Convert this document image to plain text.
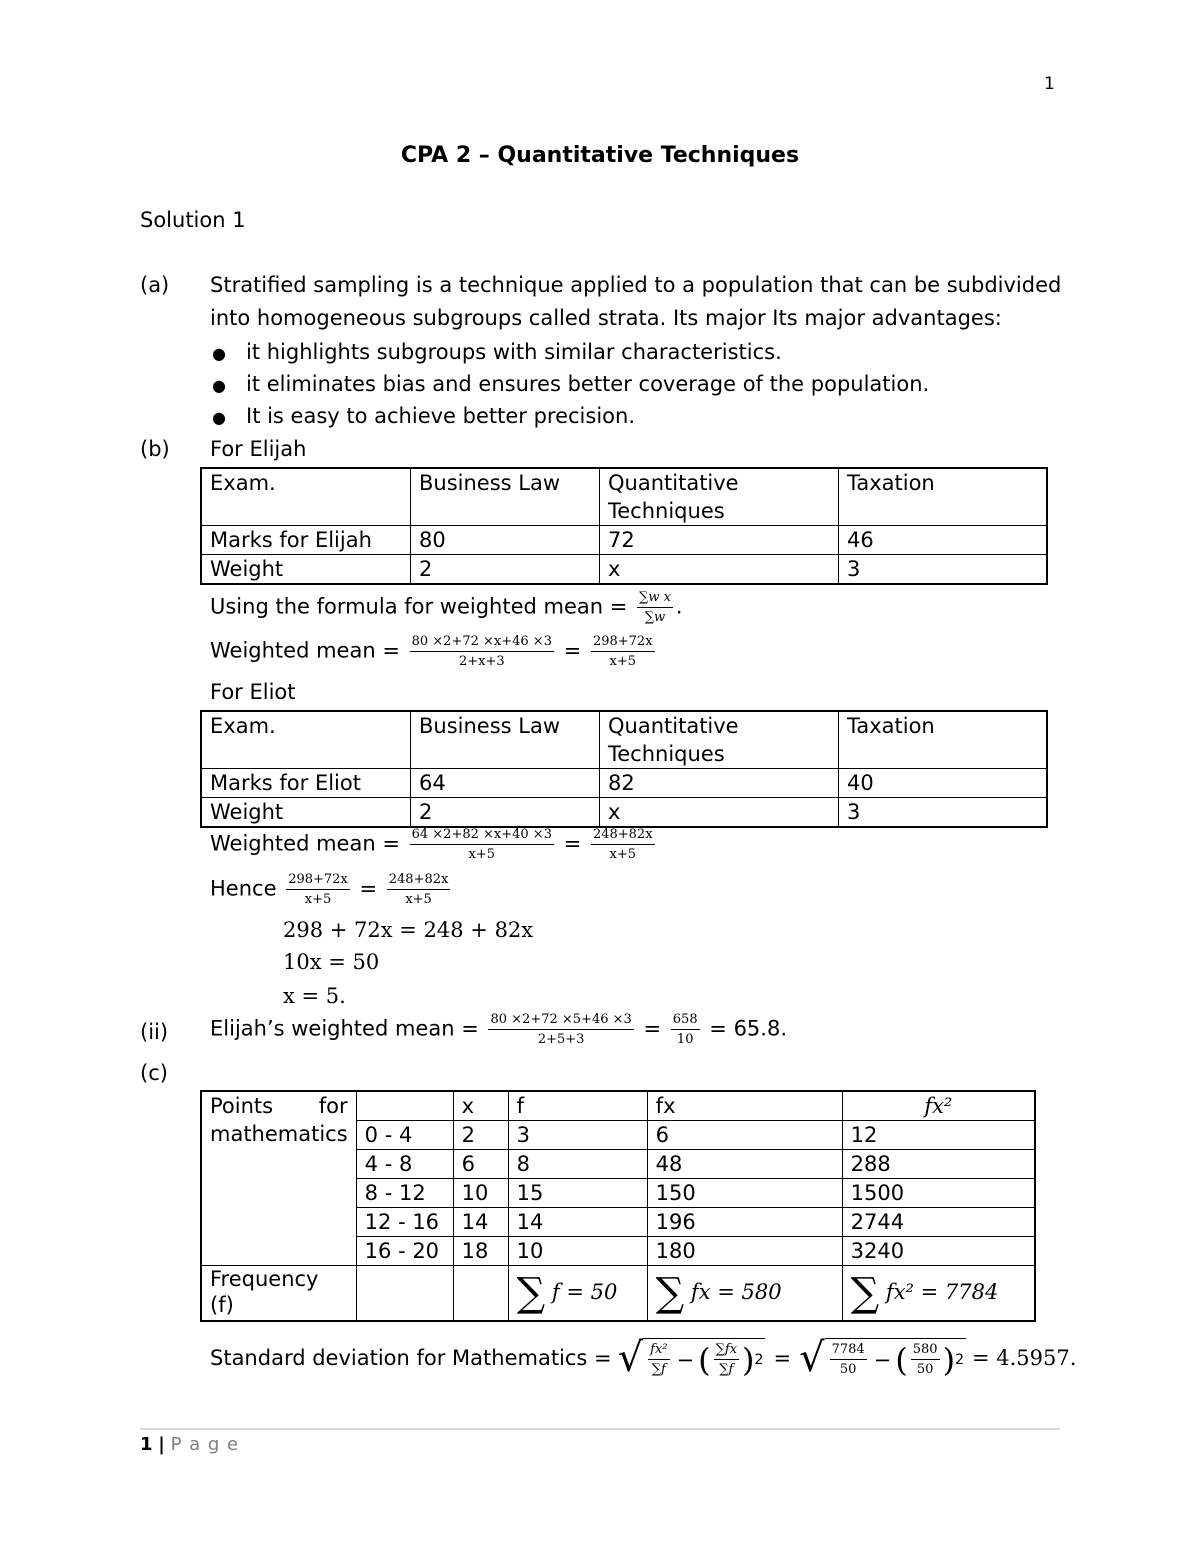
1
CPA 2 – Quantitative Techniques
Solution 1
(a) Stratified sampling is a technique applied to a population that can be subdivided
into homogeneous subgroups called strata. Its major Its major advantages:
● it highlights subgroups with similar characteristics.
● it eliminates bias and ensures better coverage of the population.
● It is easy to achieve better precision.
(b) For Elijah
Exam.	Business Law	Quantitative Techniques	Taxation
Marks for Elijah	80	72	46
Weight	2	x	3
Using the formula for weighted mean = $\frac{\text{∑w x}}{\sum w}$ .
Weighted mean = $\frac{80 \times 2+72 \times x+46 \times 3}{2+x+3} = \frac{298+72x}{x+5}$
For Eliot
Exam.	Business Law	Quantitative Techniques	Taxation
Marks for Eliot	64	82	40
Weight	2	x	3
Weighted mean = $\frac{64 \times 2+82 \times x+40 \times 3}{x+5} = \frac{248+82x}{x+5}$
Hence $\frac{298+72x}{x+5} = \frac{248+82x}{x+5}$
298 + 72x = 248 + 82x
10x = 50
x = 5.
(ii) Elijah’s weighted mean = $\frac{80 \times 2+72 \times 5+46 \times 3}{2+5+3} = \frac{658}{10} = 65.8$.
(c)
Points for mathematics		x	f	fx	fx²
	0 - 4	2	3	6	12
	4 - 8	6	8	48	288
	8 - 12	10	15	150	1500
	12 - 16	14	14	196	2744
	16 - 20	18	10	180	3240
Frequency (f)			∑ f = 50	∑ fx = 580	∑ fx² = 7784
Standard deviation for Mathematics = √ $\frac{\text{fx²}}{\sum f}$ − ( $\frac{\sum fx}{\sum f}$ ) 2 = √ $\frac{7784}{50}$ − ( $\frac{580}{50}$ ) 2 = 4.5957.
1 | P a g e
